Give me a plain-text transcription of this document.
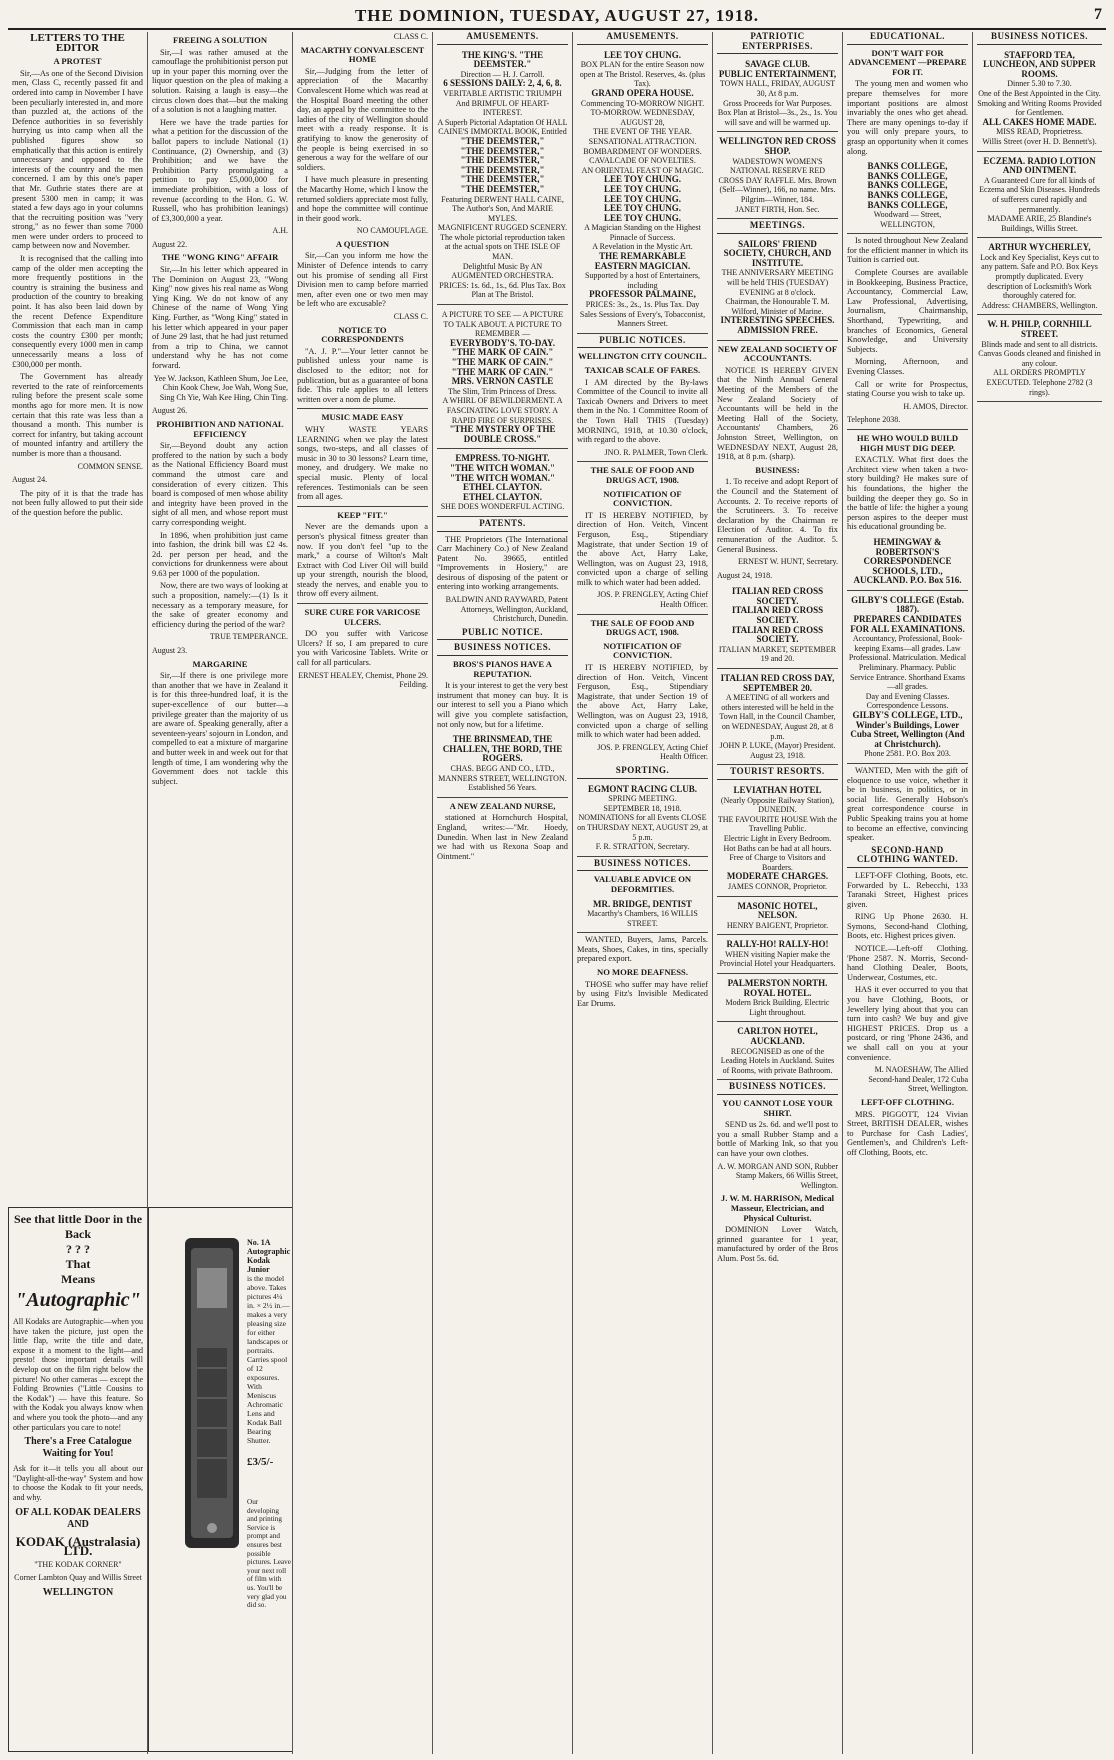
THE DOMINION, TUESDAY, AUGUST 27, 1918.	7
LETTERS TO THE EDITOR
A PROTEST

Sir,—As one of the Second Division men, Class C, recently passed fit and ordered into camp in November I have been peculiarly interested in, and more than puzzled at, the actions of the Defence authorities in so feverishly hurrying us into camp when all the published figures show so emphatically that this action is entirely unnecessary and opposed to the interests of the country and the men concerned. I am by this one's paper that Mr. Guthrie states there are at present 5300 men in camp; it was stated a few days ago in your columns that the recruiting position was "very strong," as no fewer than some 7000 men were under orders to proceed to camp between now and November.

It is recognised that the calling into camp of the older men accepting the more frequently postitions in the country is straining the business and production of the country to breaking point. It has also been laid down by the recent Defence Expenditure Commission that each man in camp costs the country £300 per month; consequently every 1000 men in camp unnecessarily means a loss of £300,000 per month.

The Government has already reverted to the rate of reinforcements ruling before the present scale some months ago for more men. It is now certain that this rate was less than a thousand a month. This number is correct for infantry, but taking account of mounted infantry and artillery the number is more than a thousand.

COMMON SENSE.
August 24.

The pity of it is that the trade has not been fully allowed to put their side of the question before the public.

See that little Door in the Back
? ? ?
That
Means
"Autographic"
All Kodaks are Autographic—when you have taken the picture, just open the little flap, write the title and date, expose it a moment to the light—and presto! those important details will develop out on the film right below the picture! No other cameras — except the Folding Brownies ("Little Cousins to the Kodak") — have this feature. So with the Kodak you always know when and where you took the photo—and any other particulars you care to note!
There's a Free Catalogue Waiting for You!
Ask for it—it tells you all about our "Daylight-all-the-way" System and how to choose the Kodak to fit your needs, and why.
OF ALL KODAK DEALERS AND
KODAK (Australasia) LTD.
"THE KODAK CORNER"
Corner Lambton Quay and Willis Street
WELLINGTON
FREEING A SOLUTION

Sir,—I was rather amused at the camouflage the prohibitionist person put up in your paper this morning over the liquor question on the plea of making a solution. Raising a laugh is easy—the circus clown does that—but the making of a solution is not a laughing matter.

Here we have the trade parties for what a petition for the discussion of the ballot papers to include National (1) Continuance, (2) Ownership, and (3) Prohibition; and we have the Prohibition Party promulgating a petition to pay £5,000,000 for immediate prohibition, with a loss of revenue (according to the Hon. G. W. Russell, who has prohibition leanings) of £3,300,000 a year.

A.H.
August 22.
THE "WONG KING" AFFAIR

Sir,—In his letter which appeared in The Dominion on August 23, "Wong King" now gives his real name as Wong Ying King. We do not know of any Chinese of the name of Wong Ying King. Further, as "Wong King" stated in his letter which appeared in your paper of June 29 last, that he had just returned from a trip to China, we cannot understand why he has not come forward.

Yee W. Jackson, Kathleen Shum, Joe Lee, Chin Kook Chew, Joe Wah, Wong Sue, Sing Ch Yie, Wah Kee Hing, Chin Ting.
August 26.
PROHIBITION AND NATIONAL EFFICIENCY

Sir,—Beyond doubt any action proffered to the nation by such a body as the National Efficiency Board must command the utmost care and consideration of every citizen. This board is composed of men whose ability and integrity have been proved in the sight of all men, and whose report must carry corresponding weight.

In 1896, when prohibition just came into fashion, the drink bill was £2 4s. 2d. per person per head, and the convictions for drunkenness were about 9.63 per 1000 of the population.

Now, there are two ways of looking at such a proposition, namely:—(1) Is it necessary as a temporary measure, for the sake of greater economy and efficiency during the period of the war?

TRUE TEMPERANCE.
August 23.
MARGARINE

Sir,—If there is one privilege more than another that we have in Zealand it is for this three-hundred loaf, it is the super-excellence of our butter—a privilege greater than the majority of us are aware of. Speaking generally, after a seventeen-years' sojourn in London, and compelled to eat a mixture of margarine and butter week in and week out for that length of time, I am wondering why the Government does not tackle this subject.

No. 1A Autographic Kodak Junior
is the model above. Takes pictures 4¼ in. × 2½ in.—makes a very pleasing size for either landscapes or portraits. Carries spool of 12 exposures. With Meniscus Achromatic Lens and Kodak Ball Bearing Shutter.
£3/5/-
Our developing and printing Service is prompt and ensures best possible pictures. Leave your next roll of film with us. You'll be very glad you did so.
CLASS C.
MACARTHY CONVALESCENT HOME

Sir,—Judging from the letter of appreciation of the Macarthy Convalescent Home which was read at the Hospital Board meeting the other day, an appeal by the committee to the ladies of the city of Wellington should meet with a ready response. It is gratifying to know the generosity of the people is being exercised in so generous a way for the welfare of our soldiers.

I have much pleasure in presenting the Macarthy Home, which I know the returned soldiers appreciate most fully, and hope the committee will continue in their good work.

NO CAMOUFLAGE.
A QUESTION

Sir,—Can you inform me how the Minister of Defence intends to carry out his promise of sending all First Division men to camp before married men, after even one or two men may be left who are excusable?

CLASS C.
NOTICE TO CORRESPONDENTS

"A. J. P."—Your letter cannot be published unless your name is disclosed to the editor; not for publication, but as a guarantee of bona fide. This rule applies to all letters written over a nom de plume.

MUSIC MADE EASY

WHY WASTE YEARS LEARNING when we play the latest songs, two-steps, and all classes of music in 30 to 30 lessons? Learn time, money, and drudgery. We make no special music. Plenty of local references. Testimonials can be seen from all ages.

KEEP "FIT."

Never are the demands upon a person's physical fitness greater than now. If you don't feel "up to the mark," a course of Wilton's Malt Extract with Cod Liver Oil will build up your strength, nourish the blood, steady the nerves, and enable you to throw off every ailment.

SURE CURE FOR VARICOSE ULCERS.

DO you suffer with Varicose Ulcers? If so, I am prepared to cure you with Varicosine Tablets. Write or call for all particulars.

ERNEST HEALEY, Chemist, Phone 29. Feilding.
AMUSEMENTS.
THE KING'S. "THE DEEMSTER."
Direction — H. J. Carroll.
6 SESSIONS DAILY: 2, 4, 6, 8.
VERITABLE ARTISTIC TRIUMPH And BRIMFUL OF HEART-INTEREST.
A Superb Pictorial Adaptation Of HALL CAINE'S IMMORTAL BOOK, Entitled
"THE DEEMSTER,"
"THE DEEMSTER,"
"THE DEEMSTER,"
"THE DEEMSTER,"
"THE DEEMSTER,"
"THE DEEMSTER,"
Featuring DERWENT HALL CAINE, The Author's Son, And MARIE MYLES.
MAGNIFICENT RUGGED SCENERY. The whole pictorial reproduction taken at the actual spots on THE ISLE OF MAN.
Delightful Music By AN AUGMENTED ORCHESTRA.
PRICES: 1s. 6d., 1s., 6d. Plus Tax. Box Plan at The Bristol.
A PICTURE TO SEE — A PICTURE TO TALK ABOUT. A PICTURE TO REMEMBER —
EVERYBODY'S. TO-DAY.
"THE MARK OF CAIN."
"THE MARK OF CAIN."
"THE MARK OF CAIN."
MRS. VERNON CASTLE
The Slim, Trim Princess of Dress.
A WHIRL OF BEWILDERMENT. A FASCINATING LOVE STORY. A RAPID FIRE OF SURPRISES.
"THE MYSTERY OF THE DOUBLE CROSS."
EMPRESS. TO-NIGHT.
"THE WITCH WOMAN."
"THE WITCH WOMAN."
ETHEL CLAYTON.
ETHEL CLAYTON.
SHE DOES WONDERFUL ACTING.
PATENTS.

THE Proprietors (The International Carr Machinery Co.) of New Zealand Patent No. 39665, entitled "Improvements in Hosiery," are desirous of disposing of the patent or entering into working arrangements.

BALDWIN AND RAYWARD, Patent Attorneys, Wellington, Auckland, Christchurch, Dunedin.
PUBLIC NOTICE.
BUSINESS NOTICES.
BROS'S PIANOS HAVE A REPUTATION.

It is your interest to get the very best instrument that money can buy. It is our interest to sell you a Piano which will give you complete satisfaction, not only now, but for a lifetime.

THE BRINSMEAD, THE CHALLEN, THE BORD, THE ROGERS.
CHAS. BEGG AND CO., LTD., MANNERS STREET, WELLINGTON. Established 56 Years.
A NEW ZEALAND NURSE,

stationed at Hornchurch Hospital, England, writes:—"Mr. Hoedy, Dunedin. When last in New Zealand we had with us Rexona Soap and Ointment."

AMUSEMENTS.
LEE TOY CHUNG.
BOX PLAN for the entire Season now open at The Bristol. Reserves, 4s. (plus Tax).
GRAND OPERA HOUSE.
Commencing TO-MORROW NIGHT. TO-MORROW. WEDNESDAY, AUGUST 28,
THE EVENT OF THE YEAR. SENSATIONAL ATTRACTION. BOMBARDMENT OF WONDERS. CAVALCADE OF NOVELTIES.
AN ORIENTAL FEAST OF MAGIC.
LEE TOY CHUNG.
LEE TOY CHUNG.
LEE TOY CHUNG.
LEE TOY CHUNG.
LEE TOY CHUNG.
A Magician Standing on the Highest Pinnacle of Success.
A Revelation in the Mystic Art.
THE REMARKABLE EASTERN MAGICIAN.
Supported by a host of Entertainers, including
PROFESSOR PALMAINE,
PRICES: 3s., 2s., 1s. Plus Tax. Day Sales Sessions of Every's, Tobacconist, Manners Street.
PUBLIC NOTICES.
WELLINGTON CITY COUNCIL.
TAXICAB SCALE OF FARES.

I AM directed by the By-laws Committee of the Council to invite all Taxicab Owners and Drivers to meet them in the No. 1 Committee Room of the Town Hall THIS (Tuesday) MORNING, 1918, at 10.30 o'clock, with regard to the above.

JNO. R. PALMER, Town Clerk.
THE SALE OF FOOD AND DRUGS ACT, 1908.
NOTIFICATION OF CONVICTION.

IT IS HEREBY NOTIFIED, by direction of Hon. Veitch, Vincent Ferguson, Esq., Stipendiary Magistrate, that under Section 19 of the above Act, Harry Lake, Wellington, was on August 23, 1918, convicted upon a charge of selling milk to which water had been added.

JOS. P. FRENGLEY, Acting Chief Health Officer.
THE SALE OF FOOD AND DRUGS ACT, 1908.
NOTIFICATION OF CONVICTION.

IT IS HEREBY NOTIFIED, by direction of Hon. Veitch, Vincent Ferguson, Esq., Stipendiary Magistrate, that under Section 19 of the above Act, Harry Lake, Wellington, was on August 23, 1918, convicted upon a charge of selling milk to which water had been added.

JOS. P. FRENGLEY, Acting Chief Health Officer.
SPORTING.
EGMONT RACING CLUB.
SPRING MEETING.
SEPTEMBER 18, 1918.
NOMINATIONS for all Events CLOSE on THURSDAY NEXT, AUGUST 29, at 5 p.m.
F. R. STRATTON, Secretary.
BUSINESS NOTICES.
VALUABLE ADVICE ON DEFORMITIES.
MR. BRIDGE, DENTIST
Macarthy's Chambers, 16 WILLIS STREET.

WANTED, Buyers, Jams, Parcels. Meats, Shoes, Cakes, in tins, specially prepared export.

NO MORE DEAFNESS.

THOSE who suffer may have relief by using Fitz's Invisible Medicated Ear Drums.

PATRIOTIC ENTERPRISES.
SAVAGE CLUB.
PUBLIC ENTERTAINMENT,
TOWN HALL, FRIDAY, AUGUST 30, At 8 p.m.
Gross Proceeds for War Purposes. Box Plan at Bristol—3s., 2s., 1s. You will save and will be warmed up.
WELLINGTON RED CROSS SHOP.
WADESTOWN WOMEN'S NATIONAL RESERVE RED CROSS DAY RAFFLE. Mrs. Brown (Self—Winner), 166, no name. Mrs. Pilgrim—Winner, 184.
JANET FIRTH, Hon. Sec.
MEETINGS.
SAILORS' FRIEND SOCIETY, CHURCH, AND INSTITUTE.
THE ANNIVERSARY MEETING will be held THIS (TUESDAY) EVENING at 8 o'clock.
Chairman, the Honourable T. M. Wilford, Minister of Marine.
INTERESTING SPEECHES.
ADMISSION FREE.
NEW ZEALAND SOCIETY OF ACCOUNTANTS.

NOTICE IS HEREBY GIVEN that the Ninth Annual General Meeting of the Members of the New Zealand Society of Accountants will be held in the Meeting Hall of the Society, Accountants' Chambers, 26 Johnston Street, Wellington, on WEDNESDAY NEXT, August 28, 1918, at 8 p.m. (sharp).

BUSINESS:

1. To receive and adopt Report of the Council and the Statement of Accounts. 2. To receive reports of the Scrutineers. 3. To receive declaration by the Chairman re Election of Auditor. 4. To fix remuneration of the Auditor. 5. General Business.

ERNEST W. HUNT, Secretary.
August 24, 1918.
ITALIAN RED CROSS SOCIETY.
ITALIAN RED CROSS SOCIETY.
ITALIAN RED CROSS SOCIETY.
ITALIAN MARKET, SEPTEMBER 19 and 20.
ITALIAN RED CROSS DAY, SEPTEMBER 20.
A MEETING of all workers and others interested will be held in the Town Hall, in the Council Chamber, on WEDNESDAY, August 28, at 8 p.m.
JOHN P. LUKE, (Mayor) President.
August 23, 1918.
TOURIST RESORTS.
LEVIATHAN HOTEL
(Nearly Opposite Railway Station), DUNEDIN.
THE FAVOURITE HOUSE With the Travelling Public.
Electric Light in Every Bedroom. Hot Baths can be had at all hours. Free of Charge to Visitors and Boarders.
MODERATE CHARGES.
JAMES CONNOR, Proprietor.
MASONIC HOTEL, NELSON.
HENRY BAIGENT, Proprietor.
RALLY-HO! RALLY-HO!
WHEN visiting Napier make the Provincial Hotel your Headquarters.
PALMERSTON NORTH.
ROYAL HOTEL.
Modern Brick Building. Electric Light throughout.
CARLTON HOTEL, AUCKLAND.
RECOGNISED as one of the Leading Hotels in Auckland. Suites of Rooms, with private Bathroom.
BUSINESS NOTICES.
YOU CANNOT LOSE YOUR SHIRT.

SEND us 2s. 6d. and we'll post to you a small Rubber Stamp and a bottle of Marking Ink, so that you can have your own clothes.

A. W. MORGAN AND SON, Rubber Stamp Makers, 66 Willis Street, Wellington.
J. W. M. HARRISON, Medical Masseur, Electrician, and Physical Culturist.

DOMINION Lover Watch, grinned guarantee for 1 year, manufactured by order of the Bros Alum. Post 5s. 6d.

EDUCATIONAL.
DON'T WAIT FOR ADVANCEMENT —PREPARE FOR IT.

The young men and women who prepare themselves for more important positions are almost invariably the ones who get ahead. There are many openings to-day if you will only prepare yours, to grasp an opportunity when it comes along.

BANKS COLLEGE,
BANKS COLLEGE,
BANKS COLLEGE,
BANKS COLLEGE,
BANKS COLLEGE,
Woodward — Street, WELLINGTON,

Is noted throughout New Zealand for the efficient manner in which its Tuition is carried out.

Complete Courses are available in Bookkeeping, Business Practice, Accountancy, Commercial Law, Law Professional, Advertising, Journalism, Chairmanship, Shorthand, Typewriting, and branches of Economics, General Knowledge, and University Subjects.

Morning, Afternoon, and Evening Classes.

Call or write for Prospectus, stating Course you wish to take up.

H. AMOS, Director.
Telephone 2038.
HE WHO WOULD BUILD HIGH MUST DIG DEEP.

EXACTLY. What first does the Architect view when taken a two-story building? He makes sure of his foundations, the higher the building the deeper they go. So in the battle of life: the higher a young person aspires to the deeper must his educational grounding be.

HEMINGWAY & ROBERTSON'S CORRESPONDENCE SCHOOLS, LTD., AUCKLAND. P.O. Box 516.
GILBY'S COLLEGE (Estab. 1887).
PREPARES CANDIDATES FOR ALL EXAMINATIONS.
Accountancy, Professional, Book-keeping Exams—all grades. Law Professional. Matriculation. Medical Preliminary. Pharmacy. Public Service Entrance. Shorthand Exams—all grades.
Day and Evening Classes. Correspondence Lessons.
GILBY'S COLLEGE, LTD., Winder's Buildings, Lower Cuba Street, Wellington (And at Christchurch).
Phone 2581. P.O. Box 203.

WANTED, Men with the gift of eloquence to use voice, whether it be in business, in politics, or in social life. Generally Hobson's great correspondence course in Public Speaking trains you at home to become an effective, convincing speaker.

SECOND-HAND CLOTHING WANTED.

LEFT-OFF Clothing, Boots, etc. Forwarded by L. Rebecchi, 133 Taranaki Street, Highest prices given.

RING Up Phone 2630. H. Symons, Second-hand Clothing, Boots, etc. Highest prices given.

NOTICE.—Left-off Clothing. 'Phone 2587. N. Morris, Second-hand Clothing Dealer, Boots, Underwear, Costumes, etc.

HAS it ever occurred to you that you have Clothing, Boots, or Jewellery lying about that you can turn into cash? We buy and give HIGHEST PRICES. Drop us a postcard, or ring 'Phone 2436, and we shall call on you at your convenience.

M. NAOESHAW, The Allied Second-hand Dealer, 172 Cuba Street, Wellington.
LEFT-OFF CLOTHING.

MRS. PIGGOTT, 124 Vivian Street, BRITISH DEALER, wishes to Purchase for Cash Ladies', Gentlemen's, and Children's Left-off Clothing, Boots, etc.

BUSINESS NOTICES.
STAFFORD TEA, LUNCHEON, AND SUPPER ROOMS.
Dinner 5.30 to 7.30.
One of the Best Appointed in the City. Smoking and Writing Rooms Provided for Gentlemen.
ALL CAKES HOME MADE.
MISS READ, Proprietress.
Willis Street (over H. D. Bennett's).
ECZEMA. RADIO LOTION AND OINTMENT.
A Guaranteed Cure for all kinds of Eczema and Skin Diseases. Hundreds of sufferers cured rapidly and permanently.
MADAME ARIE, 25 Blandine's Buildings, Willis Street.
ARTHUR WYCHERLEY,
Lock and Key Specialist, Keys cut to any pattern. Safe and P.O. Box Keys promptly duplicated. Every description of Locksmith's Work thoroughly catered for.
Address: CHAMBERS, Wellington.
W. H. PHILP, CORNHILL STREET.
Blinds made and sent to all districts. Canvas Goods cleaned and finished in any colour.
ALL ORDERS PROMPTLY EXECUTED. Telephone 2782 (3 rings).
